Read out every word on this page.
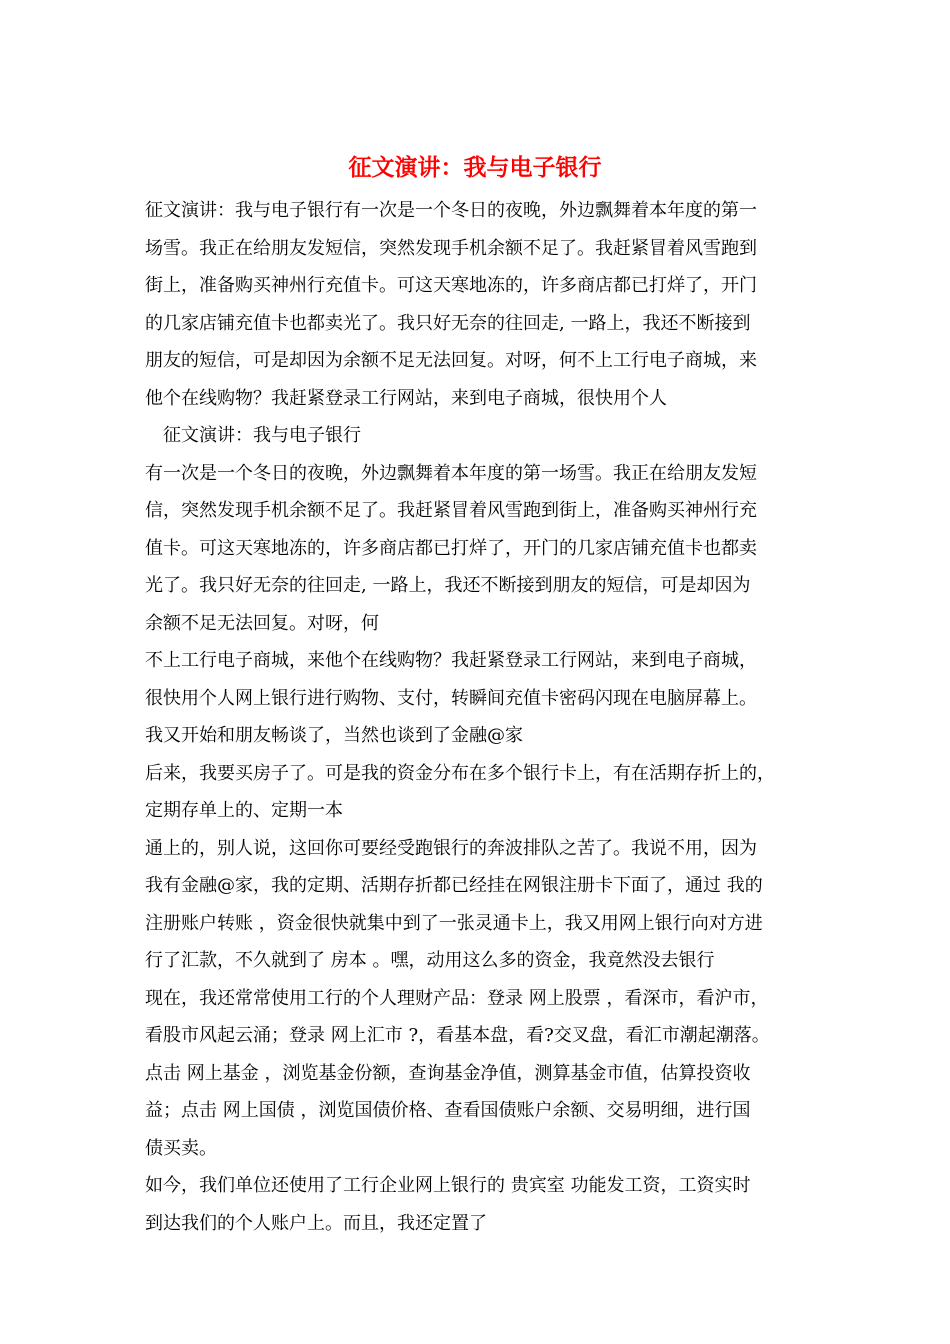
征文演讲：我与电子银行
征文演讲：我与电子银行有一次是一个冬日的夜晚，外边飘舞着本年度的第一
场雪。我正在给朋友发短信，突然发现手机余额不足了。我赶紧冒着风雪跑到
街上，准备购买神州行充值卡。可这天寒地冻的，许多商店都已打烊了，开门
的几家店铺充值卡也都卖光了。我只好无奈的往回走, 一路上，我还不断接到
朋友的短信，可是却因为余额不足无法回复。对呀，何不上工行电子商城，来
他个在线购物？我赶紧登录工行网站，来到电子商城，很快用个人
征文演讲：我与电子银行
有一次是一个冬日的夜晚，外边飘舞着本年度的第一场雪。我正在给朋友发短
信，突然发现手机余额不足了。我赶紧冒着风雪跑到街上，准备购买神州行充
值卡。可这天寒地冻的，许多商店都已打烊了，开门的几家店铺充值卡也都卖
光了。我只好无奈的往回走, 一路上，我还不断接到朋友的短信，可是却因为
余额不足无法回复。对呀，何
不上工行电子商城，来他个在线购物？我赶紧登录工行网站，来到电子商城，
很快用个人网上银行进行购物、支付，转瞬间充值卡密码闪现在电脑屏幕上。
我又开始和朋友畅谈了，当然也谈到了金融@家
后来，我要买房子了。可是我的资金分布在多个银行卡上，有在活期存折上的，
定期存单上的、定期一本
通上的，别人说，这回你可要经受跑银行的奔波排队之苦了。我说不用，因为
我有金融@家，我的定期、活期存折都已经挂在网银注册卡下面了，通过 我的
注册账户转账 ，资金很快就集中到了一张灵通卡上，我又用网上银行向对方进
行了汇款，不久就到了 房本 。嘿，动用这么多的资金，我竟然没去银行
现在，我还常常使用工行的个人理财产品：登录 网上股票 ，看深市，看沪市，
看股市风起云涌；登录 网上汇市 ?，看基本盘，看?交叉盘，看汇市潮起潮落。
点击 网上基金 ，浏览基金份额，查询基金净值，测算基金市值，估算投资收
益；点击 网上国债 ，浏览国债价格、查看国债账户余额、交易明细，进行国
债买卖。
如今，我们单位还使用了工行企业网上银行的 贵宾室 功能发工资，工资实时
到达我们的个人账户上。而且，我还定置了
